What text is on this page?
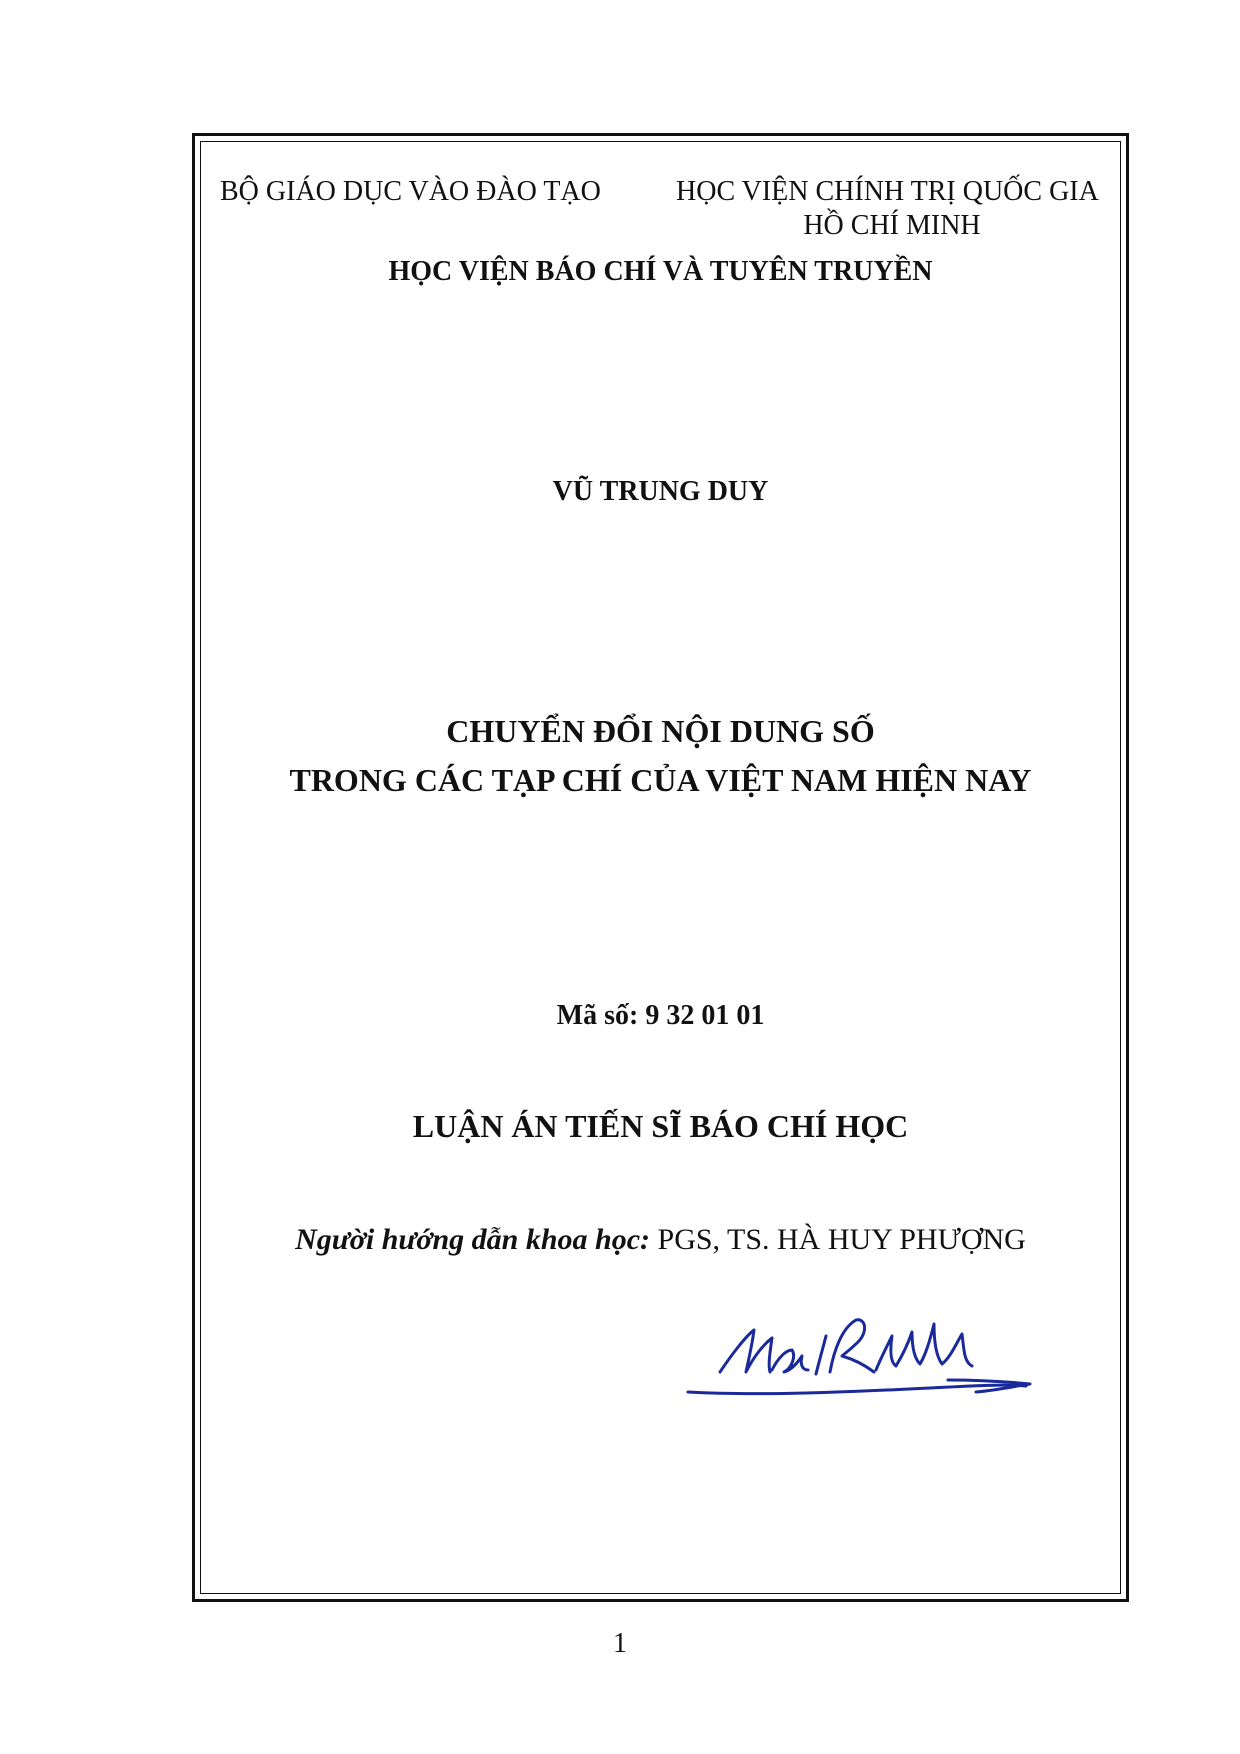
BỘ GIÁO DỤC VÀO ĐÀO TẠO	HỌC VIỆN CHÍNH TRỊ QUỐC GIA
HỒ CHÍ MINH
HỌC VIỆN BÁO CHÍ VÀ TUYÊN TRUYỀN
VŨ TRUNG DUY
CHUYỂN ĐỔI NỘI DUNG SỐ
TRONG CÁC TẠP CHÍ CỦA VIỆT NAM HIỆN NAY
Mã số: 9 32 01 01
LUẬN ÁN TIẾN SĨ BÁO CHÍ HỌC
Người hướng dẫn khoa học: PGS, TS. HÀ HUY PHƯỢNG
1
